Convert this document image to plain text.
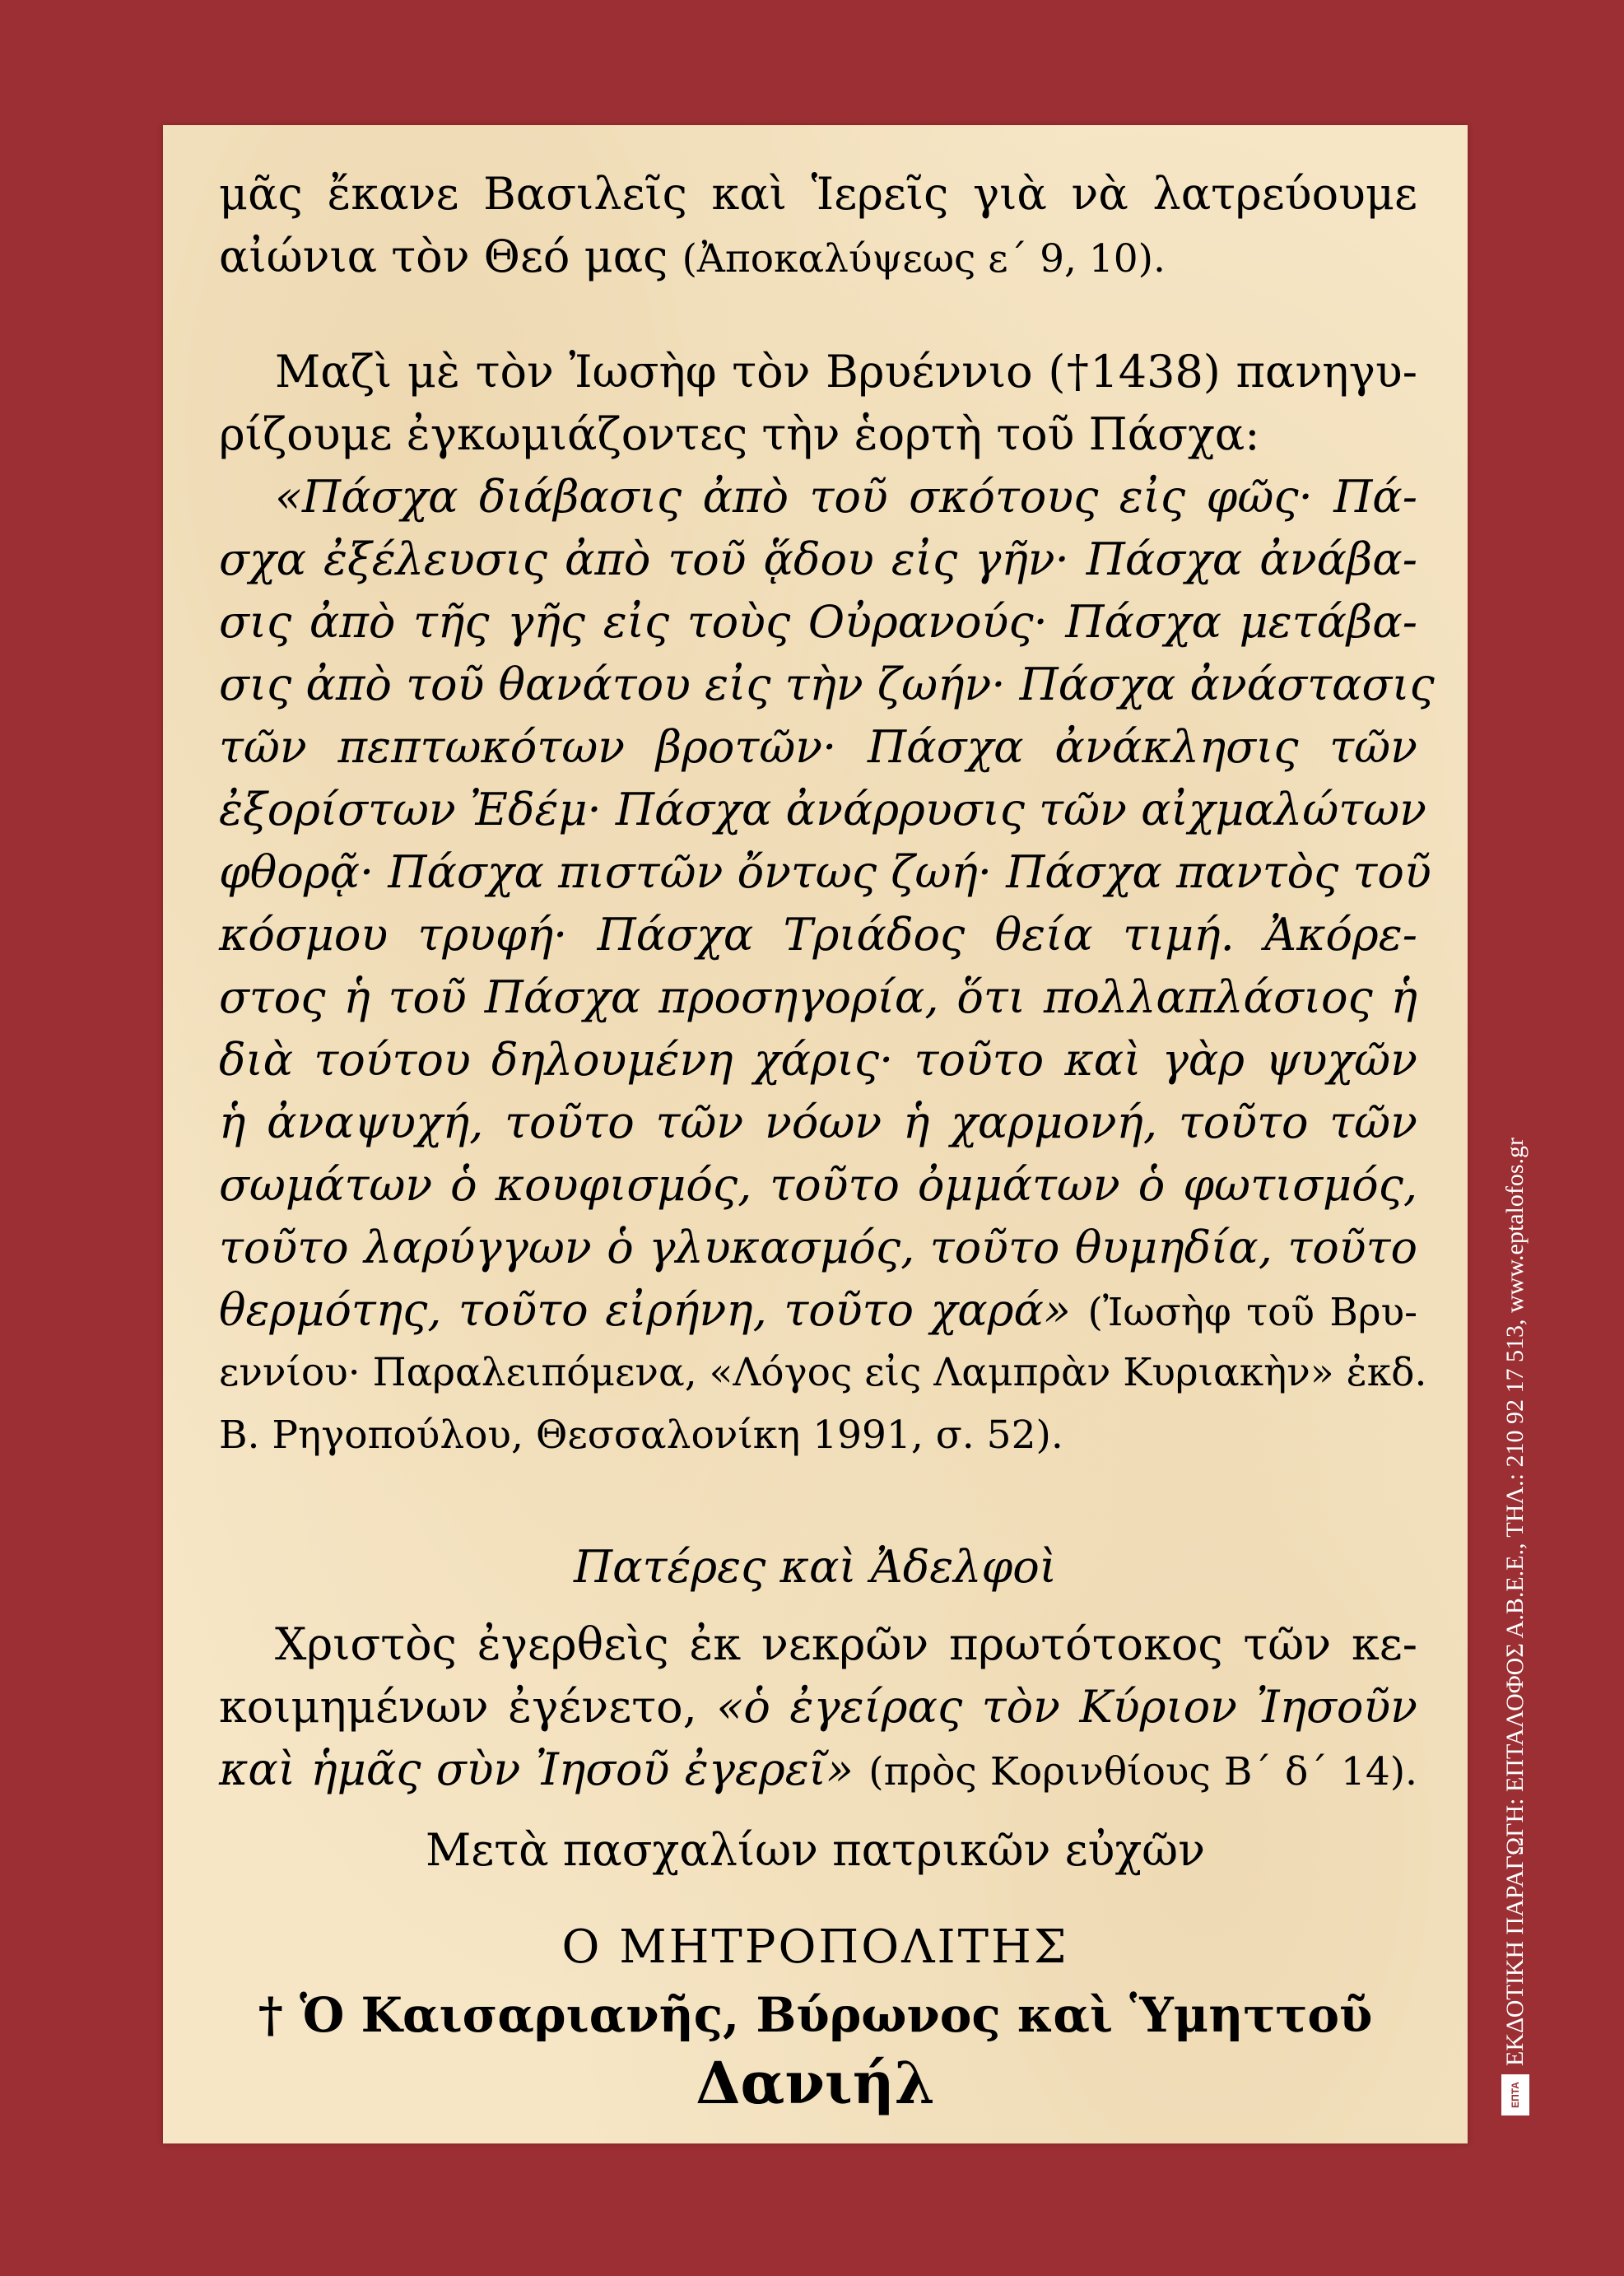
μᾶς ἔκανε Βασιλεῖς καὶ Ἱερεῖς γιὰ νὰ λατρεύουμε
αἰώνια τὸν Θεό μας (Ἀποκαλύψεως ε΄ 9, 10).
Μαζὶ μὲ τὸν Ἰωσὴφ τὸν Βρυέννιο (†1438) πανηγυ-
ρίζουμε ἐγκωμιάζοντες τὴν ἑορτὴ τοῦ Πάσχα:
«Πάσχα διάβασις ἀπὸ τοῦ σκότους εἰς φῶς· Πά-
σχα ἐξέλευσις ἀπὸ τοῦ ᾅδου εἰς γῆν· Πάσχα ἀνάβα-
σις ἀπὸ τῆς γῆς εἰς τοὺς Οὐρανούς· Πάσχα μετάβα-
σις ἀπὸ τοῦ θανάτου εἰς τὴν ζωήν· Πάσχα ἀνάστασις
τῶν πεπτωκότων βροτῶν· Πάσχα ἀνάκλησις τῶν
ἐξορίστων Ἐδέμ· Πάσχα ἀνάρρυσις τῶν αἰχμαλώτων
φθορᾷ· Πάσχα πιστῶν ὄντως ζωή· Πάσχα παντὸς τοῦ
κόσμου τρυφή· Πάσχα Τριάδος θεία τιμή. Ἀκόρε-
στος ἡ τοῦ Πάσχα προσηγορία, ὅτι πολλαπλάσιος ἡ
διὰ τούτου δηλουμένη χάρις· τοῦτο καὶ γὰρ ψυχῶν
ἡ ἀναψυχή, τοῦτο τῶν νόων ἡ χαρμονή, τοῦτο τῶν
σωμάτων ὁ κουφισμός, τοῦτο ὀμμάτων ὁ φωτισμός,
τοῦτο λαρύγγων ὁ γλυκασμός, τοῦτο θυμηδία, τοῦτο
θερμότης, τοῦτο εἰρήνη, τοῦτο χαρά» (Ἰωσὴφ τοῦ Βρυ-
εννίου· Παραλειπόμενα, «Λόγος εἰς Λαμπρὰν Κυριακὴν» ἐκδ.
Β. Ρηγοπούλου, Θεσσαλονίκη 1991, σ. 52).
Πατέρες καὶ Ἀδελφοὶ
Χριστὸς ἐγερθεὶς ἐκ νεκρῶν πρωτότοκος τῶν κε-
κοιμημένων ἐγένετο, «ὁ ἐγείρας τὸν Κύριον Ἰησοῦν
καὶ ἡμᾶς σὺν Ἰησοῦ ἐγερεῖ» (πρὸς Κορινθίους Β΄ δ΄ 14).
Μετὰ πασχαλίων πατρικῶν εὐχῶν
Ο ΜΗΤΡΟΠΟΛΙΤΗΣ
† Ὁ Καισαριανῆς, Βύρωνος καὶ Ὑμηττοῦ
Δανιήλ	ΕΠΤΑ
ΕΚΔΟΤΙΚΗ ΠΑΡΑΓΩΓΗ: ΕΠΤΑΛΟΦΟΣ Α.Β.Ε.Ε., ΤΗΛ.: 210 92 17 513, www.eptalofos.gr
